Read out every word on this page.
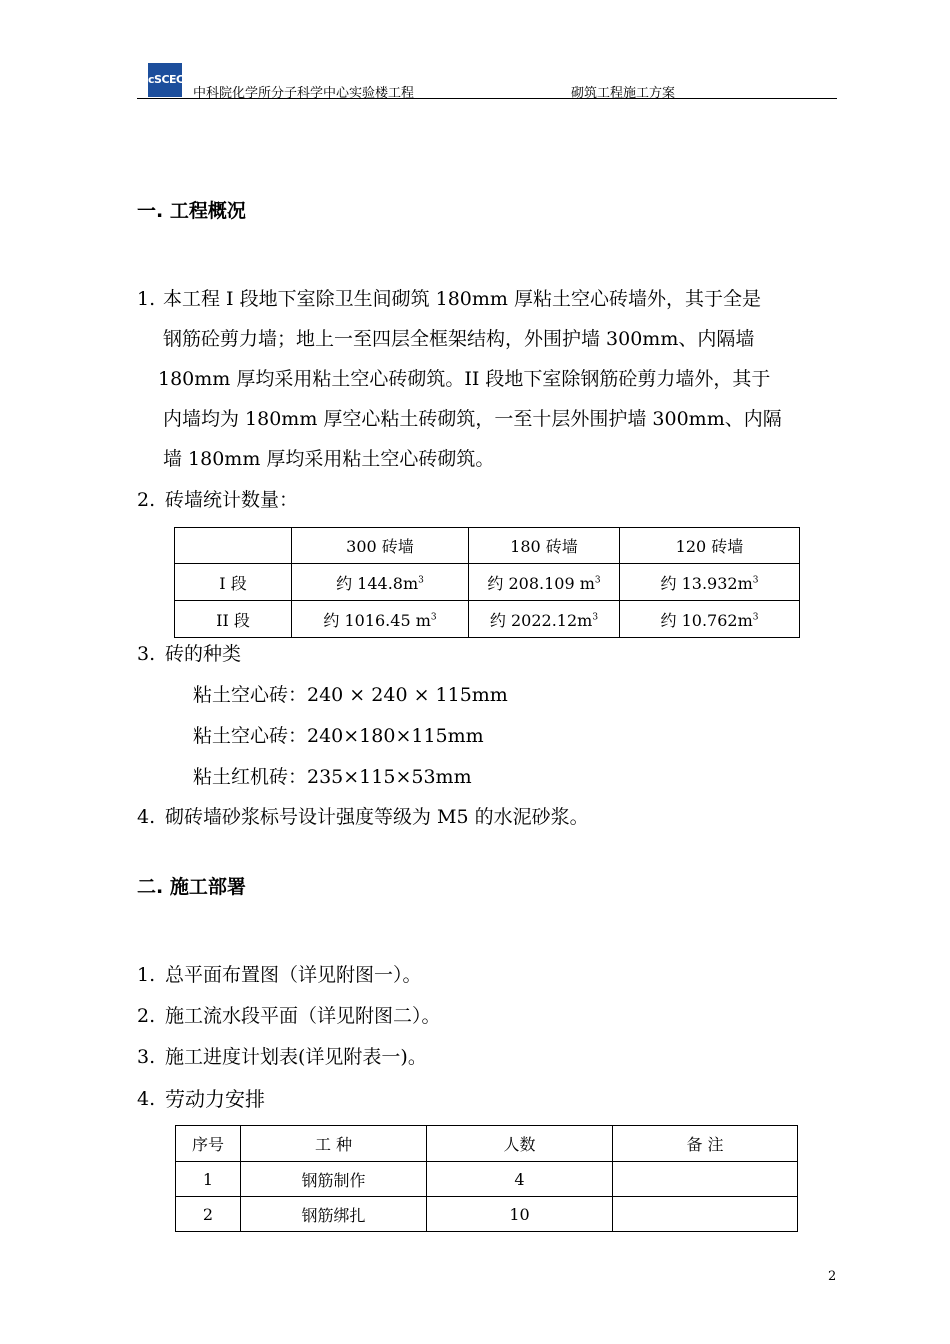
cSCEC
中科院化学所分子科学中心实验楼工程	砌筑工程施工方案
一. 工程概况
1. 本工程 I 段地下室除卫生间砌筑 180mm 厚粘土空心砖墙外，其于全是
钢筋砼剪力墙；地上一至四层全框架结构，外围护墙 300mm、内隔墙
180mm 厚均采用粘土空心砖砌筑。II 段地下室除钢筋砼剪力墙外，其于
内墙均为 180mm 厚空心粘土砖砌筑，一至十层外围护墙 300mm、内隔
墙 180mm 厚均采用粘土空心砖砌筑。
2. 砖墙统计数量：
	300 砖墙	180 砖墙	120 砖墙
I 段	约 $144.8m^3$	约 208.109 $m^3$	约 $13.932m^3$
II 段	约 1016.45 $m^3$	约 $2022.12m^3$	约 $10.762m^3$
3. 砖的种类
粘土空心砖：240 × 240 × 115mm
粘土空心砖：240×180×115mm
粘土红机砖：235×115×53mm
4. 砌砖墙砂浆标号设计强度等级为 M5 的水泥砂浆。
二. 施工部署
1. 总平面布置图（详见附图一）。
2. 施工流水段平面（详见附图二）。
3. 施工进度计划表(详见附表一)。
4. 劳动力安排
序号	工 种	人数	备 注
1	钢筋制作	4	
2	钢筋绑扎	10	
2
